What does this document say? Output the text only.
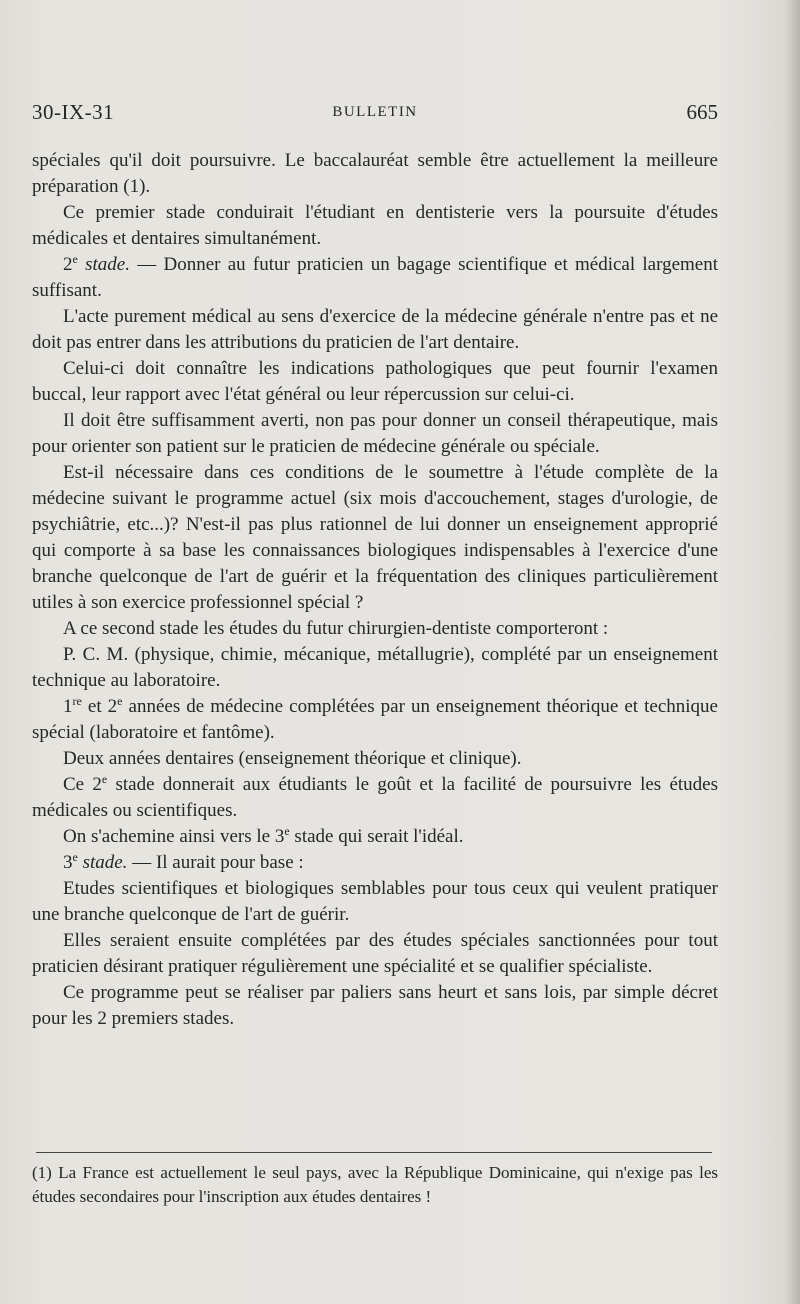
30-IX-31	BULLETIN	665

spéciales qu'il doit poursuivre. Le baccalauréat semble être actuellement la meilleure préparation (1).

Ce premier stade conduirait l'étudiant en dentisterie vers la poursuite d'études médicales et dentaires simultanément.

2e stade. — Donner au futur praticien un bagage scientifique et médical largement suffisant.

L'acte purement médical au sens d'exercice de la médecine générale n'entre pas et ne doit pas entrer dans les attributions du praticien de l'art dentaire.

Celui-ci doit connaître les indications pathologiques que peut fournir l'examen buccal, leur rapport avec l'état général ou leur répercussion sur celui-ci.

Il doit être suffisamment averti, non pas pour donner un conseil thérapeutique, mais pour orienter son patient sur le praticien de médecine générale ou spéciale.

Est-il nécessaire dans ces conditions de le soumettre à l'étude complète de la médecine suivant le programme actuel (six mois d'accouchement, stages d'urologie, de psychiâtrie, etc...)? N'est-il pas plus rationnel de lui donner un enseignement approprié qui comporte à sa base les connaissances biologiques indispensables à l'exercice d'une branche quelconque de l'art de guérir et la fréquentation des cliniques particulièrement utiles à son exercice professionnel spécial ?

A ce second stade les études du futur chirurgien-dentiste comporteront :

P. C. M. (physique, chimie, mécanique, métallugrie), complété par un enseignement technique au laboratoire.

1re et 2e années de médecine complétées par un enseignement théorique et technique spécial (laboratoire et fantôme).

Deux années dentaires (enseignement théorique et clinique).

Ce 2e stade donnerait aux étudiants le goût et la facilité de poursuivre les études médicales ou scientifiques.

On s'achemine ainsi vers le 3e stade qui serait l'idéal.

3e stade. — Il aurait pour base :

Etudes scientifiques et biologiques semblables pour tous ceux qui veulent pratiquer une branche quelconque de l'art de guérir.

Elles seraient ensuite complétées par des études spéciales sanctionnées pour tout praticien désirant pratiquer régulièrement une spécialité et se qualifier spécialiste.

Ce programme peut se réaliser par paliers sans heurt et sans lois, par simple décret pour les 2 premiers stades.

(1) La France est actuellement le seul pays, avec la République Dominicaine, qui n'exige pas les études secondaires pour l'inscription aux études dentaires !
